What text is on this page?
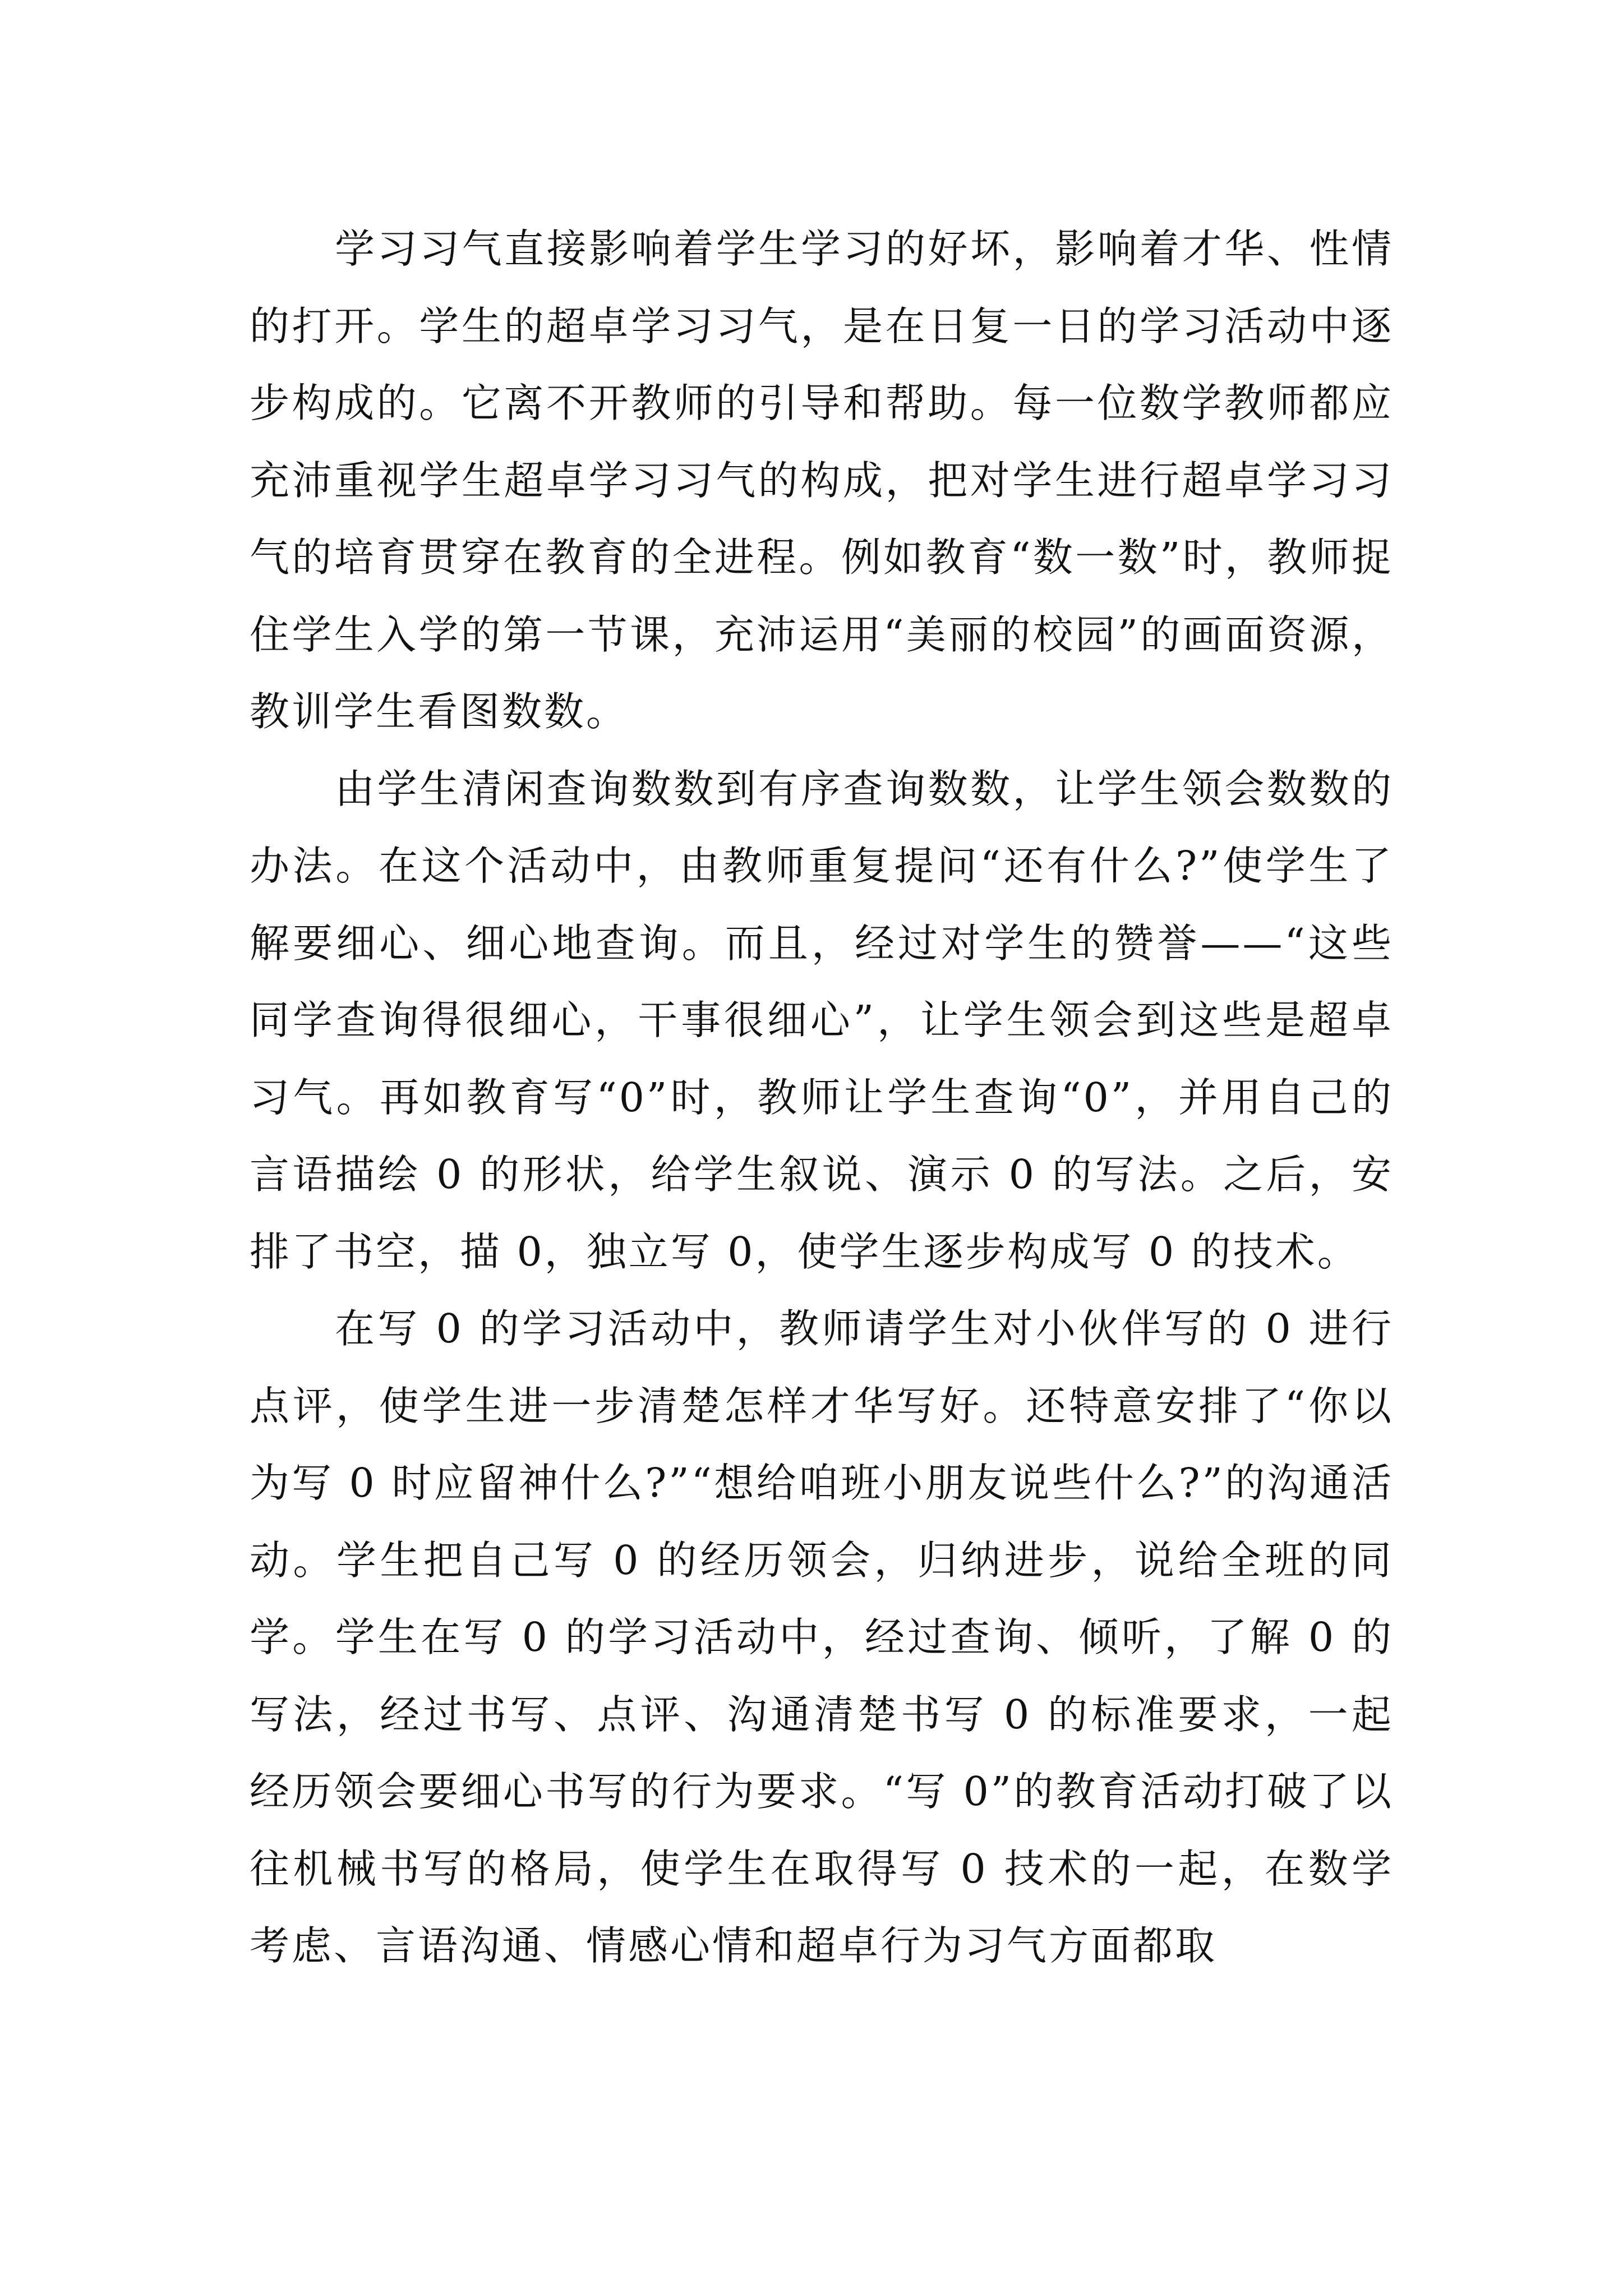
学习习气直接影响着学生学习的好坏，影响着才华、性情的打开。学生的超卓学习习气，是在日复一日的学习活动中逐步构成的。它离不开教师的引导和帮助。每一位数学教师都应充沛重视学生超卓学习习气的构成，把对学生进行超卓学习习气的培育贯穿在教育的全进程。例如教育“数一数”时，教师捉住学生入学的第一节课，充沛运用“美丽的校园”的画面资源，教训学生看图数数。

由学生清闲查询数数到有序查询数数，让学生领会数数的办法。在这个活动中，由教师重复提问“还有什么?”使学生了解要细心、细心地查询。而且，经过对学生的赞誉——“这些同学查询得很细心，干事很细心”，让学生领会到这些是超卓习气。再如教育写“0”时，教师让学生查询“0”，并用自己的言语描绘 0 的形状，给学生叙说、演示 0 的写法。之后，安排了书空，描 0，独立写 0，使学生逐步构成写 0 的技术。

在写 0 的学习活动中，教师请学生对小伙伴写的 0 进行点评，使学生进一步清楚怎样才华写好。还特意安排了“你以为写 0 时应留神什么?”“想给咱班小朋友说些什么?”的沟通活动。学生把自己写 0 的经历领会，归纳进步，说给全班的同学。学生在写 0 的学习活动中，经过查询、倾听，了解 0 的写法，经过书写、点评、沟通清楚书写 0 的标准要求，一起经历领会要细心书写的行为要求。“写 0”的教育活动打破了以往机械书写的格局，使学生在取得写 0 技术的一起，在数学考虑、言语沟通、情感心情和超卓行为习气方面都取
